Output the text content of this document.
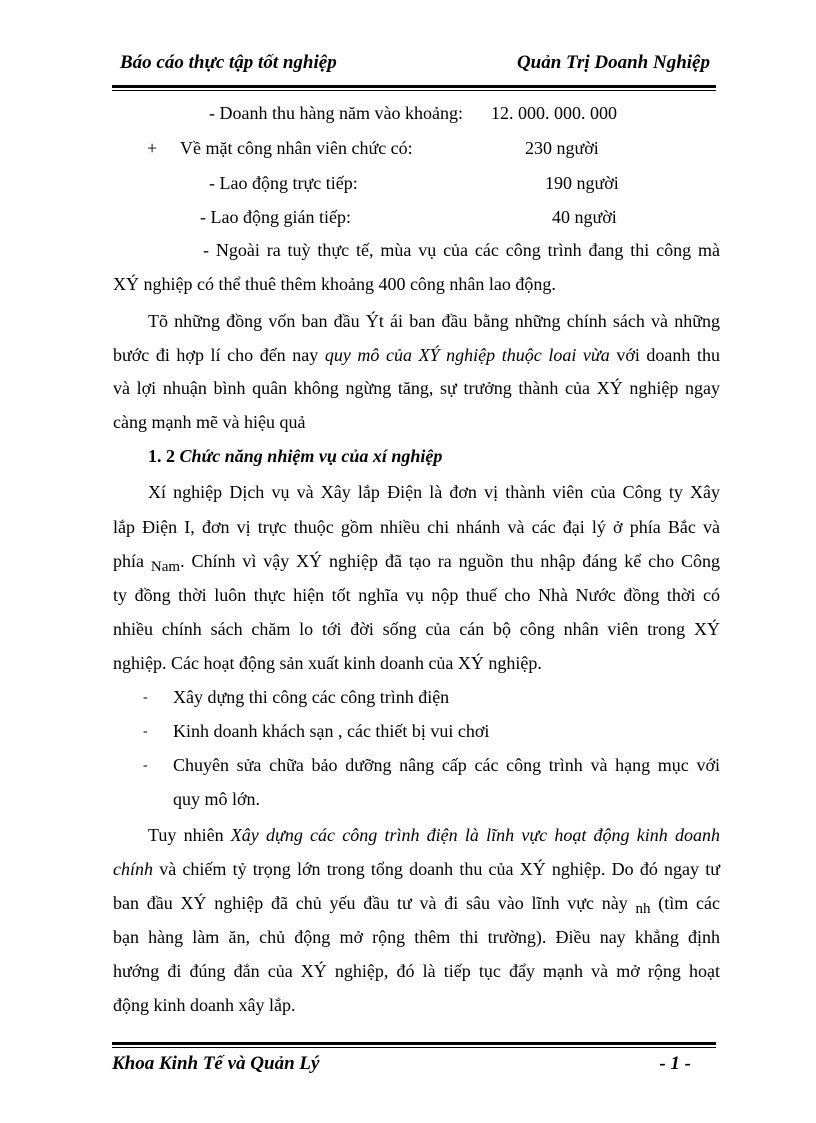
Báo cáo thực tập tốt nghiệp	Quản Trị Doanh Nghiệp
- Doanh thu hàng năm vào khoảng: 12. 000. 000. 000
+ Về mặt công nhân viên chức có:	230 người
- Lao động trực tiếp:	190 người
- Lao động gián tiếp:	40 người
- Ngoài ra tuỳ thực tế, mùa vụ của các công trình đang thi công mà
XÝ nghiệp có thể thuê thêm khoảng 400 công nhân lao động.
Tõ những đồng vốn ban đầu Ýt ái ban đầu bằng những chính sách và những
bước đi hợp lí cho đến nay quy mô của XÝ nghiệp thuộc loai vừa với doanh thu
và lợi nhuận bình quân không ngừng tăng, sự trưởng thành của XÝ nghiệp ngay
càng mạnh mẽ và hiệu quả
1. 2 Chức năng nhiệm vụ của xí nghiệp
Xí nghiệp Dịch vụ và Xây lắp Điện là đơn vị thành viên của Công ty Xây
lắp Điện I, đơn vị trực thuộc gồm nhiều chi nhánh và các đại lý ở phía Bắc và
phía $_{Nam}$. Chính vì vậy XÝ nghiệp đã tạo ra nguồn thu nhập đáng kể cho Công
ty đồng thời luôn thực hiện tốt nghĩa vụ nộp thuế cho Nhà Nước đồng thời có
nhiều chính sách chăm lo tới đời sống của cán bộ công nhân viên trong XÝ
nghiệp. Các hoạt động sản xuất kinh doanh của XÝ nghiệp.
- Xây dựng thi công các công trình điện
- Kinh doanh khách sạn , các thiết bị vui chơi
- Chuyên sửa chữa bảo dưỡng nâng cấp các công trình và hạng mục với
quy mô lớn.
Tuy nhiên Xây dựng các công trình điện là lĩnh vực hoạt động kinh doanh
chính và chiếm tỷ trọng lớn trong tổng doanh thu của XÝ nghiệp. Do đó ngay tư
ban đầu XÝ nghiệp đã chủ yếu đầu tư và đi sâu vào lĩnh vực này $_{nh}$ (tìm các
bạn hàng làm ăn, chủ động mở rộng thêm thi trường). Điều nay khẳng định
hướng đi đúng đắn của XÝ nghiệp, đó là tiếp tục đẩy mạnh và mở rộng hoạt
động kinh doanh xây lắp.
Khoa Kinh Tế và Quản Lý	- 1 -
